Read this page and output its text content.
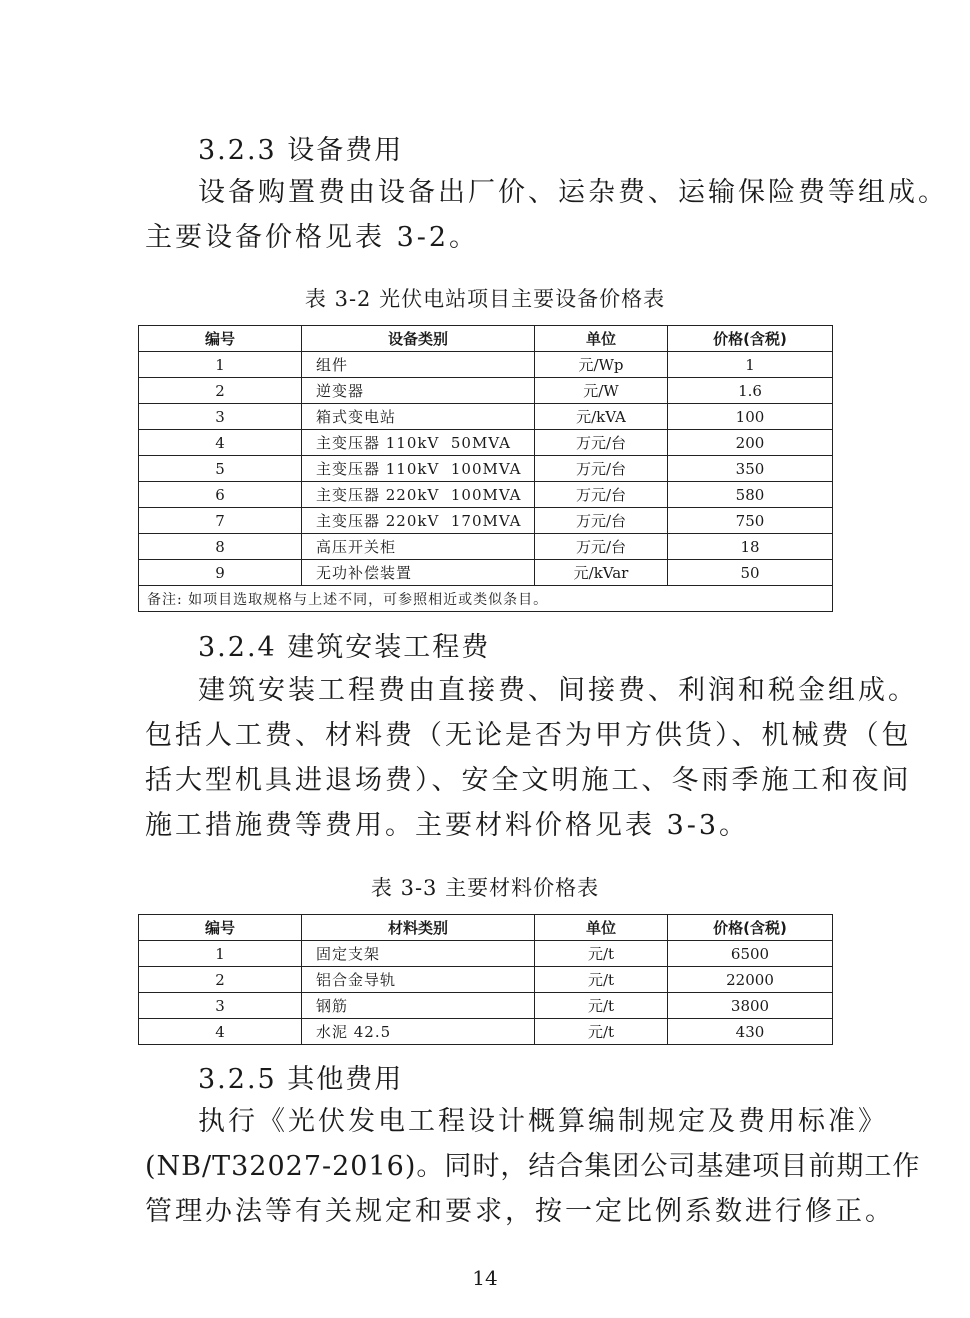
3.2.3 设备费用
设备购置费由设备出厂价、运杂费、运输保险费等组成。
主要设备价格见表 3-2。
表 3-2 光伏电站项目主要设备价格表
编号	设备类别	单位	价格(含税)
1	组件	元/Wp	1
2	逆变器	元/W	1.6
3	箱式变电站	元/kVA	100
4	主变压器 110kV  50MVA	万元/台	200
5	主变压器 110kV  100MVA	万元/台	350
6	主变压器 220kV  100MVA	万元/台	580
7	主变压器 220kV  170MVA	万元/台	750
8	高压开关柜	万元/台	18
9	无功补偿装置	元/kVar	50
备注: 如项目选取规格与上述不同，可参照相近或类似条目。			
3.2.4 建筑安装工程费
建筑安装工程费由直接费、间接费、利润和税金组成。
包括人工费、材料费（无论是否为甲方供货）、机械费（包
括大型机具进退场费）、安全文明施工、冬雨季施工和夜间
施工措施费等费用。主要材料价格见表 3-3。
表 3-3 主要材料价格表
编号	材料类别	单位	价格(含税)
1	固定支架	元/t	6500
2	铝合金导轨	元/t	22000
3	钢筋	元/t	3800
4	水泥 42.5	元/t	430
3.2.5 其他费用
执行《光伏发电工程设计概算编制规定及费用标准》
(NB/T32027-2016)。同时，结合集团公司基建项目前期工作
管理办法等有关规定和要求，按一定比例系数进行修正。
14
